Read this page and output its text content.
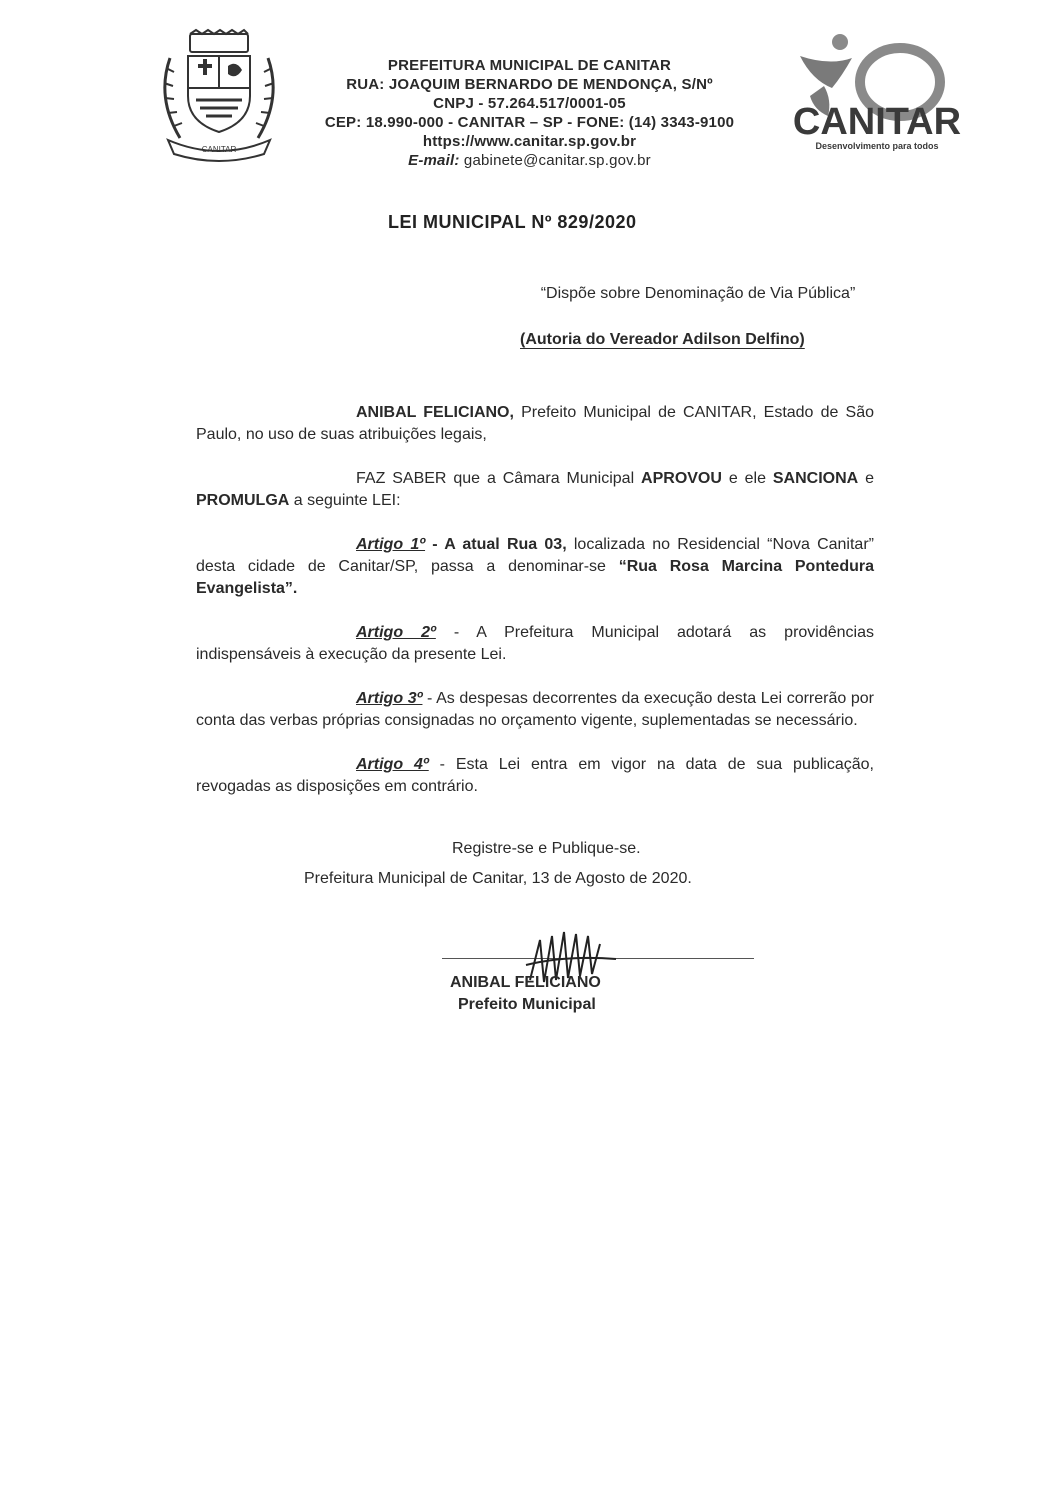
CANITAR
PREFEITURA MUNICIPAL DE CANITAR
RUA: JOAQUIM BERNARDO DE MENDONÇA, S/Nº
CNPJ - 57.264.517/0001-05
CEP: 18.990-000 - CANITAR – SP - FONE: (14) 3343-9100
https://www.canitar.sp.gov.br
E-mail: gabinete@canitar.sp.gov.br
CANITAR
Desenvolvimento para todos
LEI MUNICIPAL Nº 829/2020
“Dispõe sobre Denominação de Via Pública”
(Autoria do Vereador Adilson Delfino)

ANIBAL FELICIANO, Prefeito Municipal de CANITAR, Estado de São Paulo, no uso de suas atribuições legais,

FAZ SABER que a Câmara Municipal APROVOU e ele SANCIONA e PROMULGA a seguinte LEI:

Artigo 1º - A atual Rua 03, localizada no Residencial “Nova Canitar” desta cidade de Canitar/SP, passa a denominar-se “Rua Rosa Marcina Pontedura Evangelista”.

Artigo 2º - A Prefeitura Municipal adotará as providências indispensáveis à execução da presente Lei.

Artigo 3º - As despesas decorrentes da execução desta Lei correrão por conta das verbas próprias consignadas no orçamento vigente, suplementadas se necessário.

Artigo 4º - Esta Lei entra em vigor na data de sua publicação, revogadas as disposições em contrário.

Registre-se e Publique-se.
Prefeitura Municipal de Canitar, 13 de Agosto de 2020.
ANIBAL FELICIANO
Prefeito Municipal
